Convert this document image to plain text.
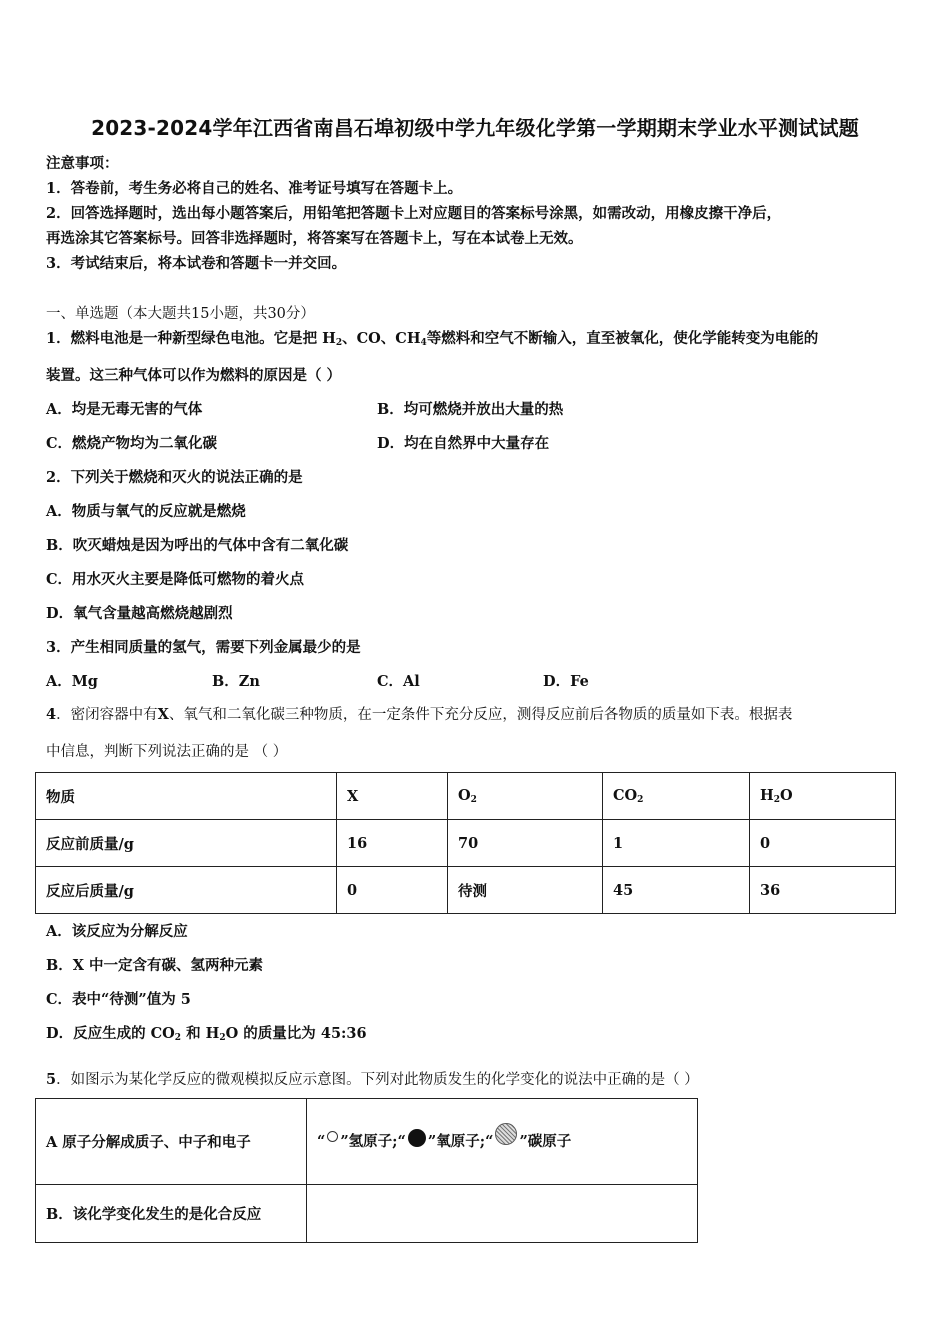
2023-2024学年江西省南昌石埠初级中学九年级化学第一学期期末学业水平测试试题
注意事项：
1．答卷前，考生务必将自己的姓名、准考证号填写在答题卡上。
2．回答选择题时，选出每小题答案后，用铅笔把答题卡上对应题目的答案标号涂黑，如需改动，用橡皮擦干净后，
再选涂其它答案标号。回答非选择题时，将答案写在答题卡上，写在本试卷上无效。
3．考试结束后，将本试卷和答题卡一并交回。
一、单选题（本大题共15小题，共30分）
1．燃料电池是一种新型绿色电池。它是把 $H_2$、CO、$CH_4$等燃料和空气不断输入，直至被氧化，使化学能转变为电能的
装置。这三种气体可以作为燃料的原因是（ ）
A．均是无毒无害的气体	B．均可燃烧并放出大量的热
C．燃烧产物均为二氧化碳	D．均在自然界中大量存在
2．下列关于燃烧和灭火的说法正确的是
A．物质与氧气的反应就是燃烧
B．吹灭蜡烛是因为呼出的气体中含有二氧化碳
C．用水灭火主要是降低可燃物的着火点
D．氧气含量越高燃烧越剧烈
3．产生相同质量的氢气，需要下列金属最少的是
A．Mg	B．Zn	C．Al	D．Fe
4．密闭容器中有X、氧气和二氧化碳三种物质，在一定条件下充分反应，测得反应前后各物质的质量如下表。根据表
中信息，判断下列说法正确的是 （ ）
物质	X	$O_2$	$CO_2$	$H_2O$
反应前质量/g	16	70	1	0
反应后质量/g	0	待测	45	36
A．该反应为分解反应
B．X 中一定含有碳、氢两种元素
C．表中“待测”值为 5
D．反应生成的 $CO_2$ 和 $H_2O$ 的质量比为 45:36
5．如图示为某化学反应的微观模拟反应示意图。下列对此物质发生的化学变化的说法中正确的是（ ）
A 原子分解成质子、中子和电子	“ ”氢原子;“ ”氧原子;“ ”碳原子
B．该化学变化发生的是化合反应	
